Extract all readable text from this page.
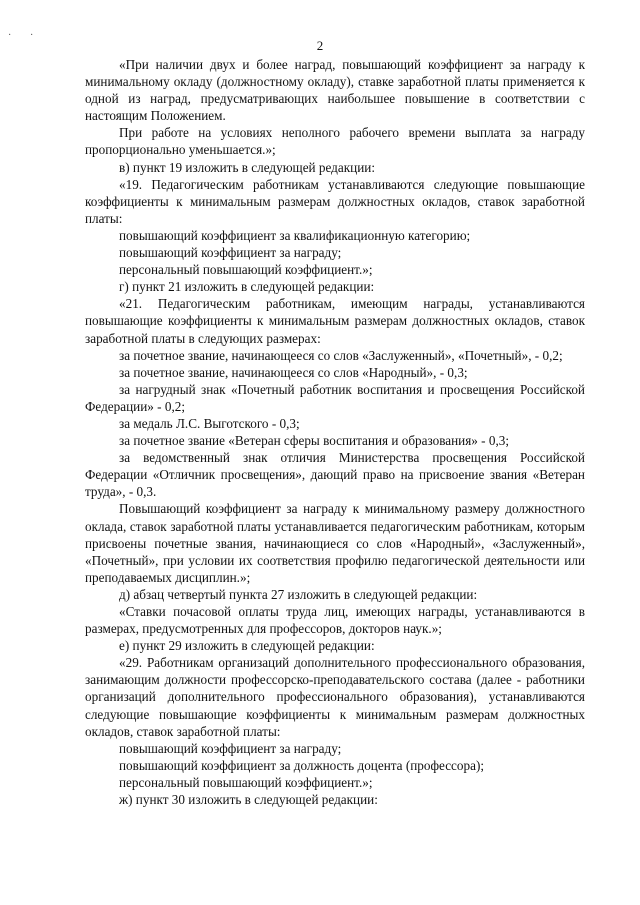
· ·
2

«При наличии двух и более наград, повышающий коэффициент за награду к минимальному окладу (должностному окладу), ставке заработной платы применяется к одной из наград, предусматривающих наибольшее повышение в соответствии с настоящим Положением.

При работе на условиях неполного рабочего времени выплата за награду пропорционально уменьшается.»;

в) пункт 19 изложить в следующей редакции:

«19. Педагогическим работникам устанавливаются следующие повышающие коэффициенты к минимальным размерам должностных окладов, ставок заработной платы:

повышающий коэффициент за квалификационную категорию;

повышающий коэффициент за награду;

персональный повышающий коэффициент.»;

г) пункт 21 изложить в следующей редакции:

«21. Педагогическим работникам, имеющим награды, устанавливаются повышающие коэффициенты к минимальным размерам должностных окладов, ставок заработной платы в следующих размерах:

за почетное звание, начинающееся со слов «Заслуженный», «Почетный», - 0,2;

за почетное звание, начинающееся со слов «Народный», - 0,3;

за нагрудный знак «Почетный работник воспитания и просвещения Российской Федерации» - 0,2;

за медаль Л.С. Выготского - 0,3;

за почетное звание «Ветеран сферы воспитания и образования» - 0,3;

за ведомственный знак отличия Министерства просвещения Российской Федерации «Отличник просвещения», дающий право на присвоение звания «Ветеран труда», - 0,3.

Повышающий коэффициент за награду к минимальному размеру должностного оклада, ставок заработной платы устанавливается педагогическим работникам, которым присвоены почетные звания, начинающиеся со слов «Народный», «Заслуженный», «Почетный», при условии их соответствия профилю педагогической деятельности или преподаваемых дисциплин.»;

д) абзац четвертый пункта 27 изложить в следующей редакции:

«Ставки почасовой оплаты труда лиц, имеющих награды, устанавливаются в размерах, предусмотренных для профессоров, докторов наук.»;

е) пункт 29 изложить в следующей редакции:

«29. Работникам организаций дополнительного профессионального образования, занимающим должности профессорско-преподавательского состава (далее - работники организаций дополнительного профессионального образования), устанавливаются следующие повышающие коэффициенты к минимальным размерам должностных окладов, ставок заработной платы:

повышающий коэффициент за награду;

повышающий коэффициент за должность доцента (профессора);

персональный повышающий коэффициент.»;

ж) пункт 30 изложить в следующей редакции:
